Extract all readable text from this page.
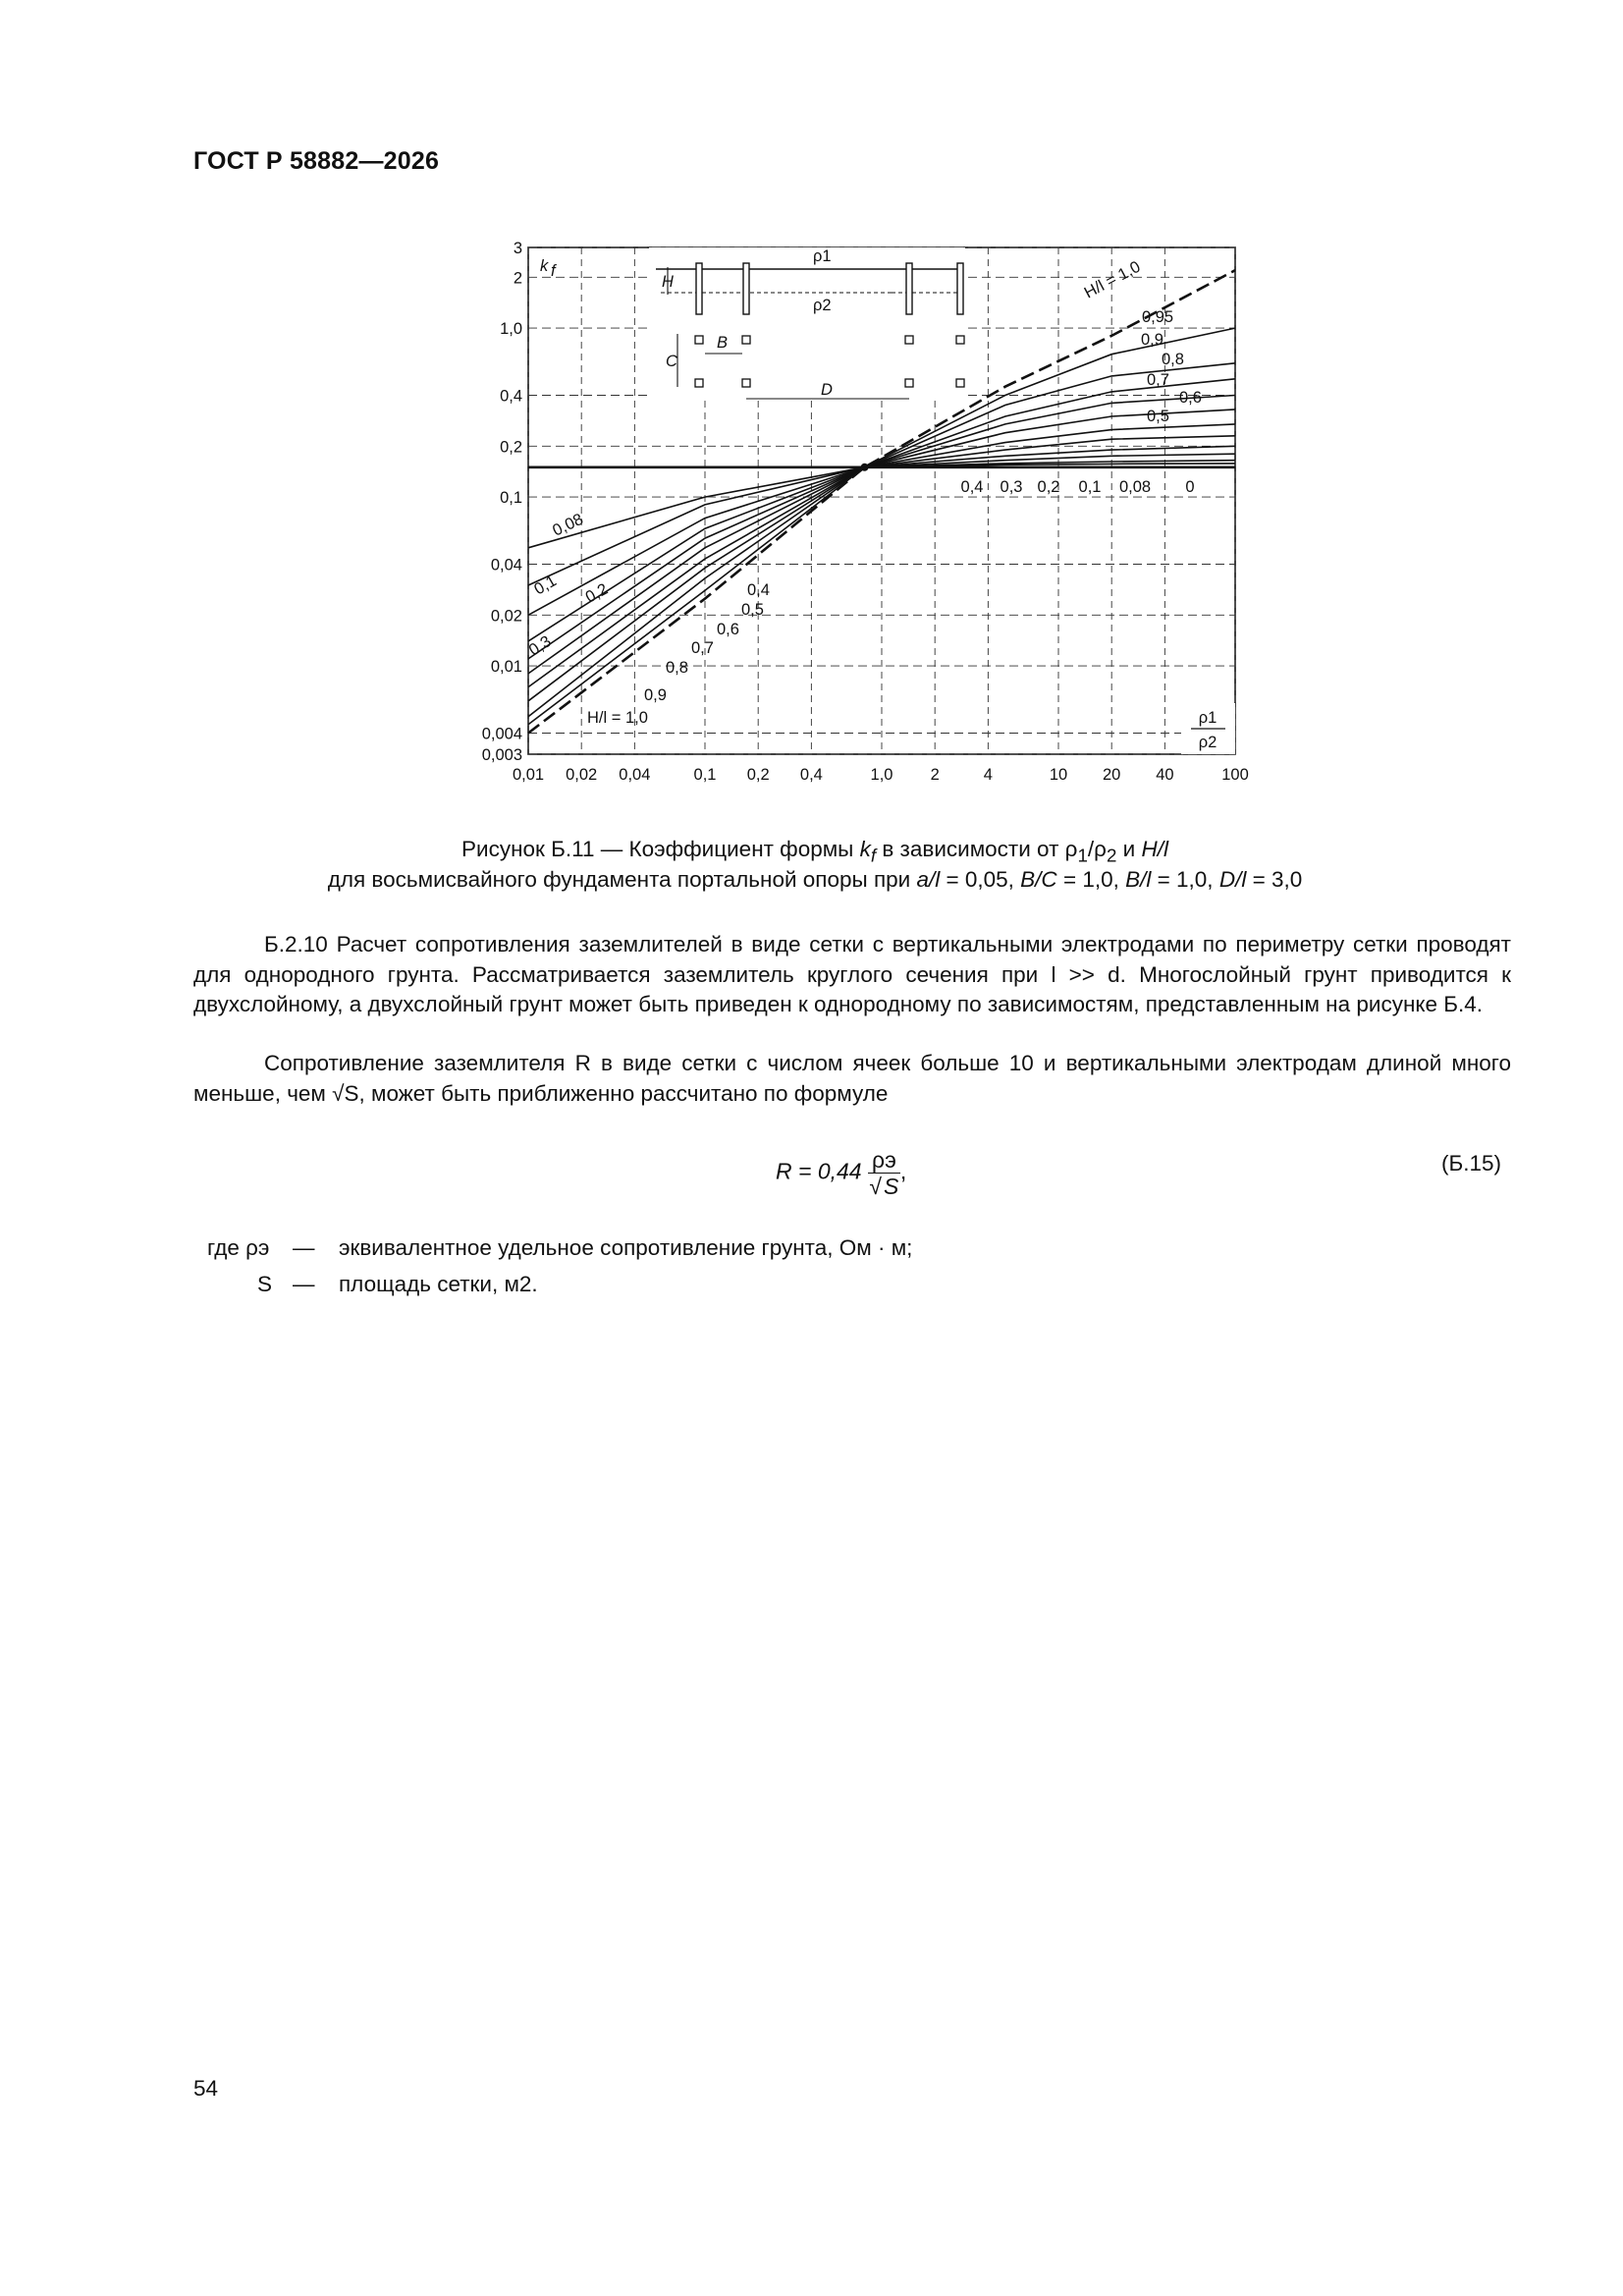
ГОСТ Р 58882—2026
0,01 0,02 0,04	0,1 0,2 0,4	1,0 2	4	10 20 40	100
0,003
0,004
0,01
0,02
0,04
0,1
0,2
0,4
1,0
2
3
H/l = 1,0
0,95
0,9
0,8
0,7
0,6
0,5
0,4 0,3 0,2 0,1 0,08 0
0,08
0,1 0,2
0,3
0,4
0,5
0,6
0,7
0,8
0,9
H/l = 1,0
k f
ρ1
ρ2
H
C
B
D
ρ1
ρ2
Рисунок Б.11 — Коэффициент формы $k_f$ в зависимости от $\rho_1/\rho_2$ и H/l
для восьмисвайного фундамента портальной опоры при a/l = 0,05, B/C = 1,0, B/l = 1,0, D/l = 3,0
Б.2.10 Расчет сопротивления заземлителей в виде сетки с вертикальными электродами по периметру сетки проводят для однородного грунта. Рассматривается заземлитель круглого сечения при l >> d. Многослойный грунт приводится к двухслойному, а двухслойный грунт может быть приведен к однородному по зависимостям, представленным на рисунке Б.4.
Сопротивление заземлителя R в виде сетки с числом ячеек больше 10 и вертикальными электродам длиной много меньше, чем √S, может быть приближенно рассчитано по формуле
$R = 0,44 \frac{\rho э}{√S}$ ,	(Б.15)
где ρэ — эквивалентное удельное сопротивление грунта, Ом · м;
S — площадь сетки, м2.
54
